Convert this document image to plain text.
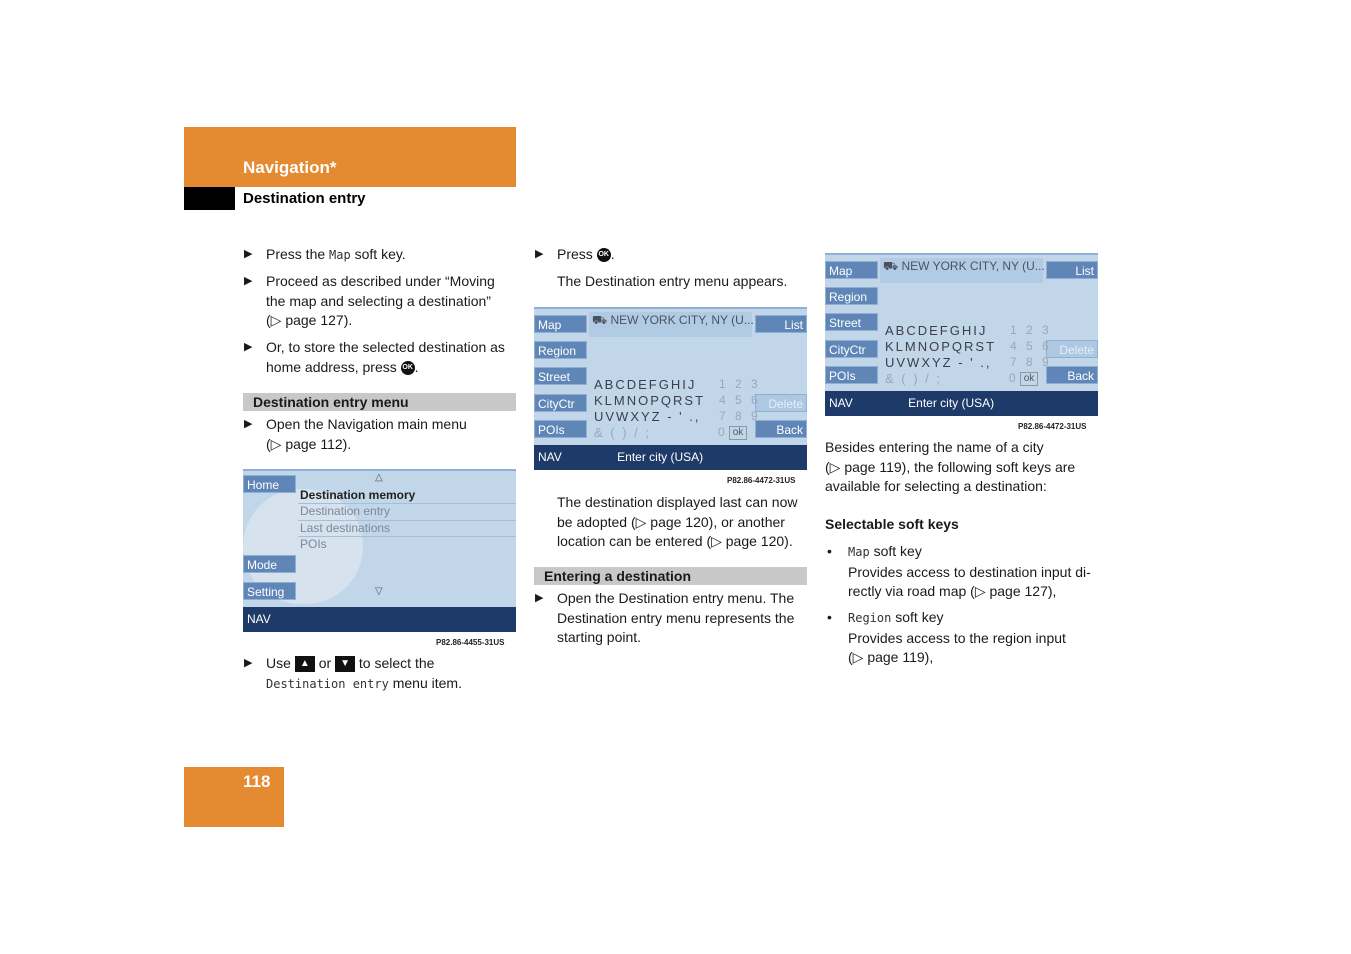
Navigation*
Destination entry
▶ Press the Map soft key.
▶ Proceed as described under “Moving
the map and selecting a destination”
(▷ page 127).
▶ Or, to store the selected destination as
home address, press OK .
Destination entry menu
▶ Open the Navigation main menu
(▷ page 112).
Home
Mode
Setting
△
Destination memory
Destination entry
Last destinations
POIs
▽
NAV
P82.86-4455-31US
▶ Use ▲ or ▼ to select the
Destination entry menu item.
▶ Press OK .
The Destination entry menu appears.
⛟ NEW YORK CITY, NY (U...
Map
Region
Street
CityCtr
POIs
List
Delete
Back
ABCDEFGHIJ
KLMNOPQRST
UVWXYZ - ' .,
& ( ) / ;
1 2 3
4 5 6
7 8 9
0 ok
NAV	Enter city (USA)
P82.86-4472-31US
The destination displayed last can now
be adopted (▷ page 120), or another
location can be entered (▷ page 120).
Entering a destination
▶ Open the Destination entry menu. The
Destination entry menu represents the
starting point.
⛟ NEW YORK CITY, NY (U...
Map
Region
Street
CityCtr
POIs
List
Delete
Back
ABCDEFGHIJ
KLMNOPQRST
UVWXYZ - ' .,
& ( ) / ;
1 2 3
4 5 6
7 8 9
0 ok
NAV	Enter city (USA)
P82.86-4472-31US
Besides entering the name of a city
(▷ page 119), the following soft keys are
available for selecting a destination:
Selectable soft keys
• Map soft key
Provides access to destination input di-
rectly via road map (▷ page 127),
• Region soft key
Provides access to the region input
(▷ page 119),
118
